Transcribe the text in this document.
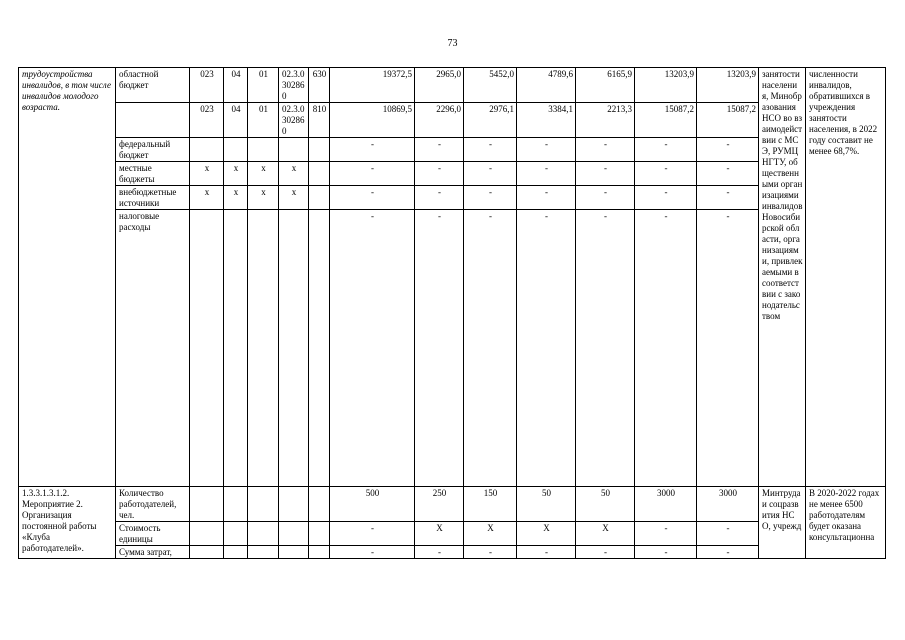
73
трудоустройства инвалидов, в том числе инвалидов молодого возраста.	областной бюджет	023	04	01	02.3.0302860	630	19372,5	2965,0	5452,0	4789,6	6165,9	13203,9	13203,9	занятости населения, Минобразования НСО во взаимодействии с МСЭ, РУМЦ НГТУ, общественными организациями инвалидов Новосибирской области, организациями, привлекаемыми в соответствии с законодательством	численности инвалидов, обратившихся в учреждения занятости населения, в 2022 году составит не менее 68,7%.
		023	04	01	02.3.0302860	810	10869,5	2296,0	2976,1	3384,1	2213,3	15087,2	15087,2		
	федеральный бюджет						-	-	-	-	-	-	-		
	местные бюджеты	х	х	х	х		-	-	-	-	-	-	-		
	внебюджетные источники	х	х	х	х		-	-	-	-	-	-	-		
	налоговые расходы						-	-	-	-	-	-	-		
1.3.3.1.3.1.2. Мероприятие 2. Организация постоянной работы «Клуба работодателей».	Количество работодателей, чел.						500	250	150	50	50	3000	3000	Минтруда и соцразвития НСО, учрежд	В 2020-2022 годах не менее 6500 работодателям будет оказана консультационна
	Стоимость единицы						-	Х	Х	Х	Х	-	-		
	Сумма затрат,						-	-	-	-	-	-	-		
